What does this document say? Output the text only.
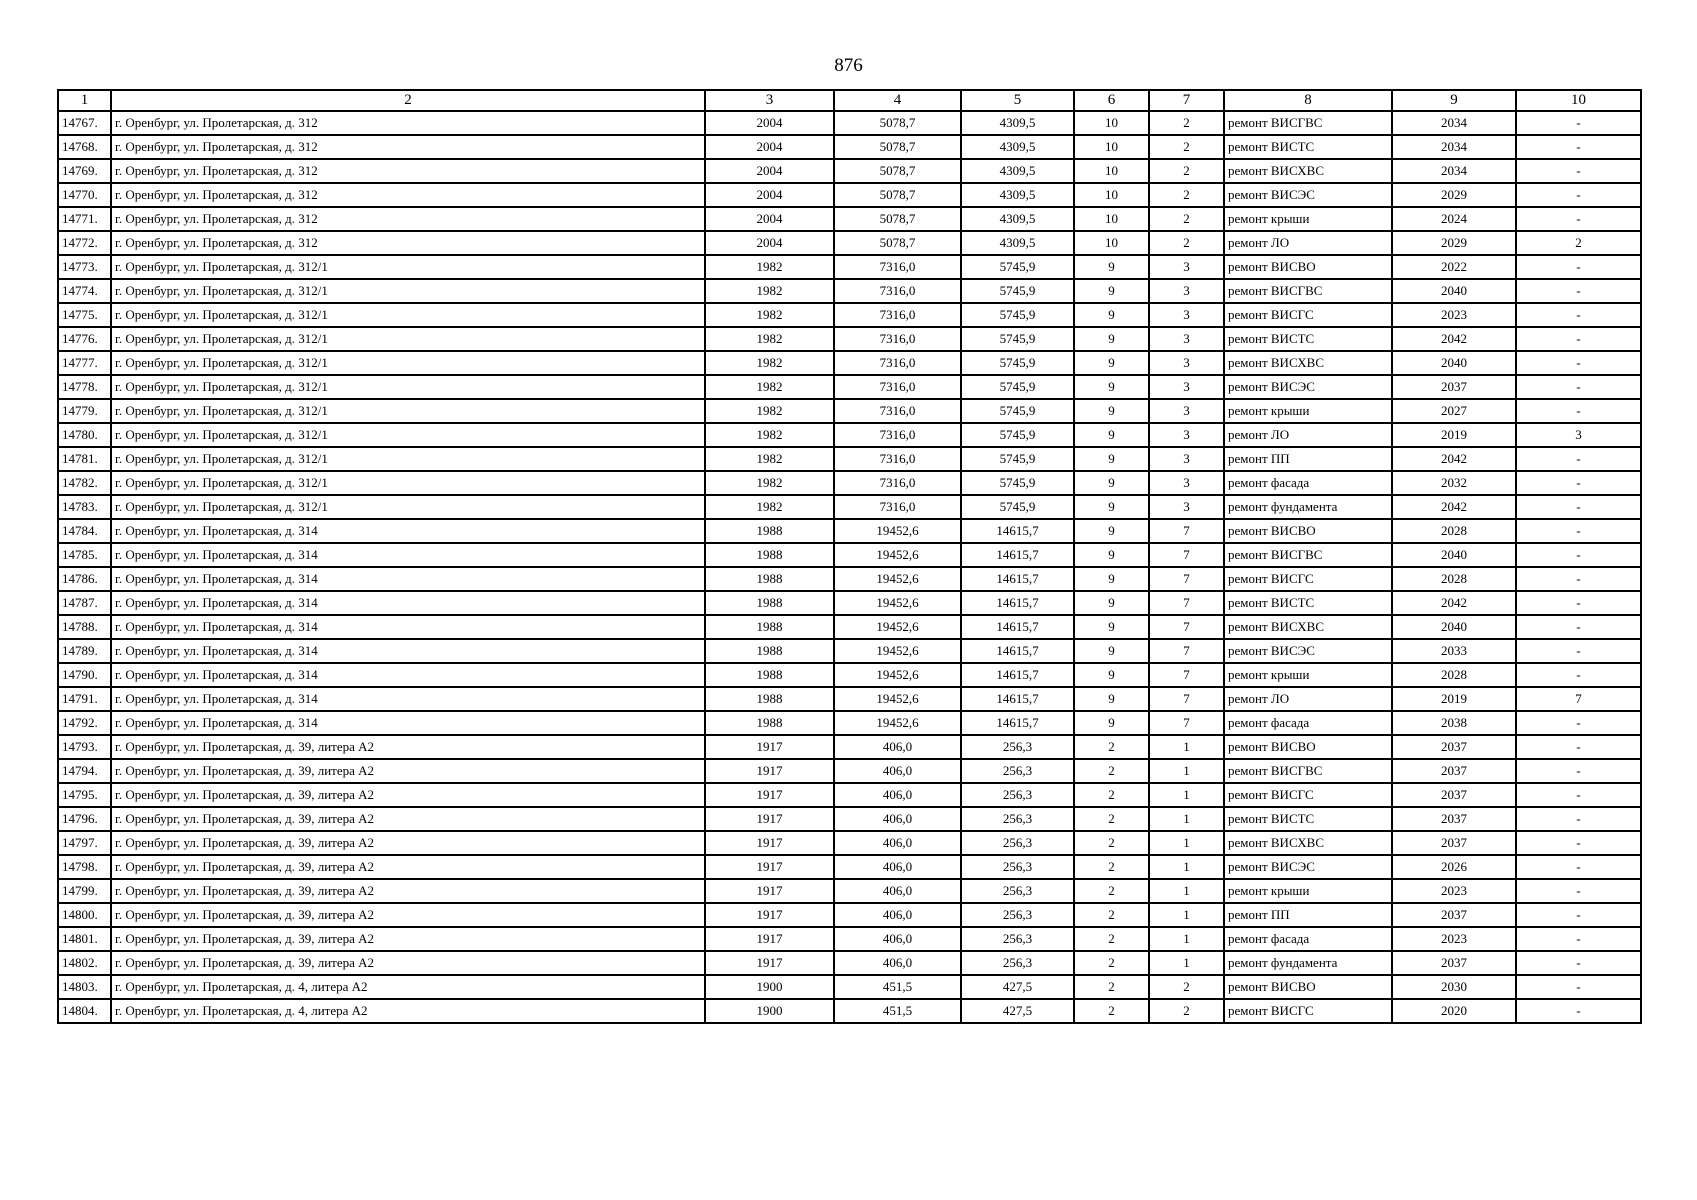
876
1	2	3	4	5	6	7	8	9	10
14767.	г. Оренбург, ул. Пролетарская, д. 312	2004	5078,7	4309,5	10	2	ремонт ВИСГВС	2034	-
14768.	г. Оренбург, ул. Пролетарская, д. 312	2004	5078,7	4309,5	10	2	ремонт ВИСТС	2034	-
14769.	г. Оренбург, ул. Пролетарская, д. 312	2004	5078,7	4309,5	10	2	ремонт ВИСХВС	2034	-
14770.	г. Оренбург, ул. Пролетарская, д. 312	2004	5078,7	4309,5	10	2	ремонт ВИСЭС	2029	-
14771.	г. Оренбург, ул. Пролетарская, д. 312	2004	5078,7	4309,5	10	2	ремонт крыши	2024	-
14772.	г. Оренбург, ул. Пролетарская, д. 312	2004	5078,7	4309,5	10	2	ремонт ЛО	2029	2
14773.	г. Оренбург, ул. Пролетарская, д. 312/1	1982	7316,0	5745,9	9	3	ремонт ВИСВО	2022	-
14774.	г. Оренбург, ул. Пролетарская, д. 312/1	1982	7316,0	5745,9	9	3	ремонт ВИСГВС	2040	-
14775.	г. Оренбург, ул. Пролетарская, д. 312/1	1982	7316,0	5745,9	9	3	ремонт ВИСГС	2023	-
14776.	г. Оренбург, ул. Пролетарская, д. 312/1	1982	7316,0	5745,9	9	3	ремонт ВИСТС	2042	-
14777.	г. Оренбург, ул. Пролетарская, д. 312/1	1982	7316,0	5745,9	9	3	ремонт ВИСХВС	2040	-
14778.	г. Оренбург, ул. Пролетарская, д. 312/1	1982	7316,0	5745,9	9	3	ремонт ВИСЭС	2037	-
14779.	г. Оренбург, ул. Пролетарская, д. 312/1	1982	7316,0	5745,9	9	3	ремонт крыши	2027	-
14780.	г. Оренбург, ул. Пролетарская, д. 312/1	1982	7316,0	5745,9	9	3	ремонт ЛО	2019	3
14781.	г. Оренбург, ул. Пролетарская, д. 312/1	1982	7316,0	5745,9	9	3	ремонт ПП	2042	-
14782.	г. Оренбург, ул. Пролетарская, д. 312/1	1982	7316,0	5745,9	9	3	ремонт фасада	2032	-
14783.	г. Оренбург, ул. Пролетарская, д. 312/1	1982	7316,0	5745,9	9	3	ремонт фундамента	2042	-
14784.	г. Оренбург, ул. Пролетарская, д. 314	1988	19452,6	14615,7	9	7	ремонт ВИСВО	2028	-
14785.	г. Оренбург, ул. Пролетарская, д. 314	1988	19452,6	14615,7	9	7	ремонт ВИСГВС	2040	-
14786.	г. Оренбург, ул. Пролетарская, д. 314	1988	19452,6	14615,7	9	7	ремонт ВИСГС	2028	-
14787.	г. Оренбург, ул. Пролетарская, д. 314	1988	19452,6	14615,7	9	7	ремонт ВИСТС	2042	-
14788.	г. Оренбург, ул. Пролетарская, д. 314	1988	19452,6	14615,7	9	7	ремонт ВИСХВС	2040	-
14789.	г. Оренбург, ул. Пролетарская, д. 314	1988	19452,6	14615,7	9	7	ремонт ВИСЭС	2033	-
14790.	г. Оренбург, ул. Пролетарская, д. 314	1988	19452,6	14615,7	9	7	ремонт крыши	2028	-
14791.	г. Оренбург, ул. Пролетарская, д. 314	1988	19452,6	14615,7	9	7	ремонт ЛО	2019	7
14792.	г. Оренбург, ул. Пролетарская, д. 314	1988	19452,6	14615,7	9	7	ремонт фасада	2038	-
14793.	г. Оренбург, ул. Пролетарская, д. 39, литера А2	1917	406,0	256,3	2	1	ремонт ВИСВО	2037	-
14794.	г. Оренбург, ул. Пролетарская, д. 39, литера А2	1917	406,0	256,3	2	1	ремонт ВИСГВС	2037	-
14795.	г. Оренбург, ул. Пролетарская, д. 39, литера А2	1917	406,0	256,3	2	1	ремонт ВИСГС	2037	-
14796.	г. Оренбург, ул. Пролетарская, д. 39, литера А2	1917	406,0	256,3	2	1	ремонт ВИСТС	2037	-
14797.	г. Оренбург, ул. Пролетарская, д. 39, литера А2	1917	406,0	256,3	2	1	ремонт ВИСХВС	2037	-
14798.	г. Оренбург, ул. Пролетарская, д. 39, литера А2	1917	406,0	256,3	2	1	ремонт ВИСЭС	2026	-
14799.	г. Оренбург, ул. Пролетарская, д. 39, литера А2	1917	406,0	256,3	2	1	ремонт крыши	2023	-
14800.	г. Оренбург, ул. Пролетарская, д. 39, литера А2	1917	406,0	256,3	2	1	ремонт ПП	2037	-
14801.	г. Оренбург, ул. Пролетарская, д. 39, литера А2	1917	406,0	256,3	2	1	ремонт фасада	2023	-
14802.	г. Оренбург, ул. Пролетарская, д. 39, литера А2	1917	406,0	256,3	2	1	ремонт фундамента	2037	-
14803.	г. Оренбург, ул. Пролетарская, д. 4, литера А2	1900	451,5	427,5	2	2	ремонт ВИСВО	2030	-
14804.	г. Оренбург, ул. Пролетарская, д. 4, литера А2	1900	451,5	427,5	2	2	ремонт ВИСГС	2020	-
